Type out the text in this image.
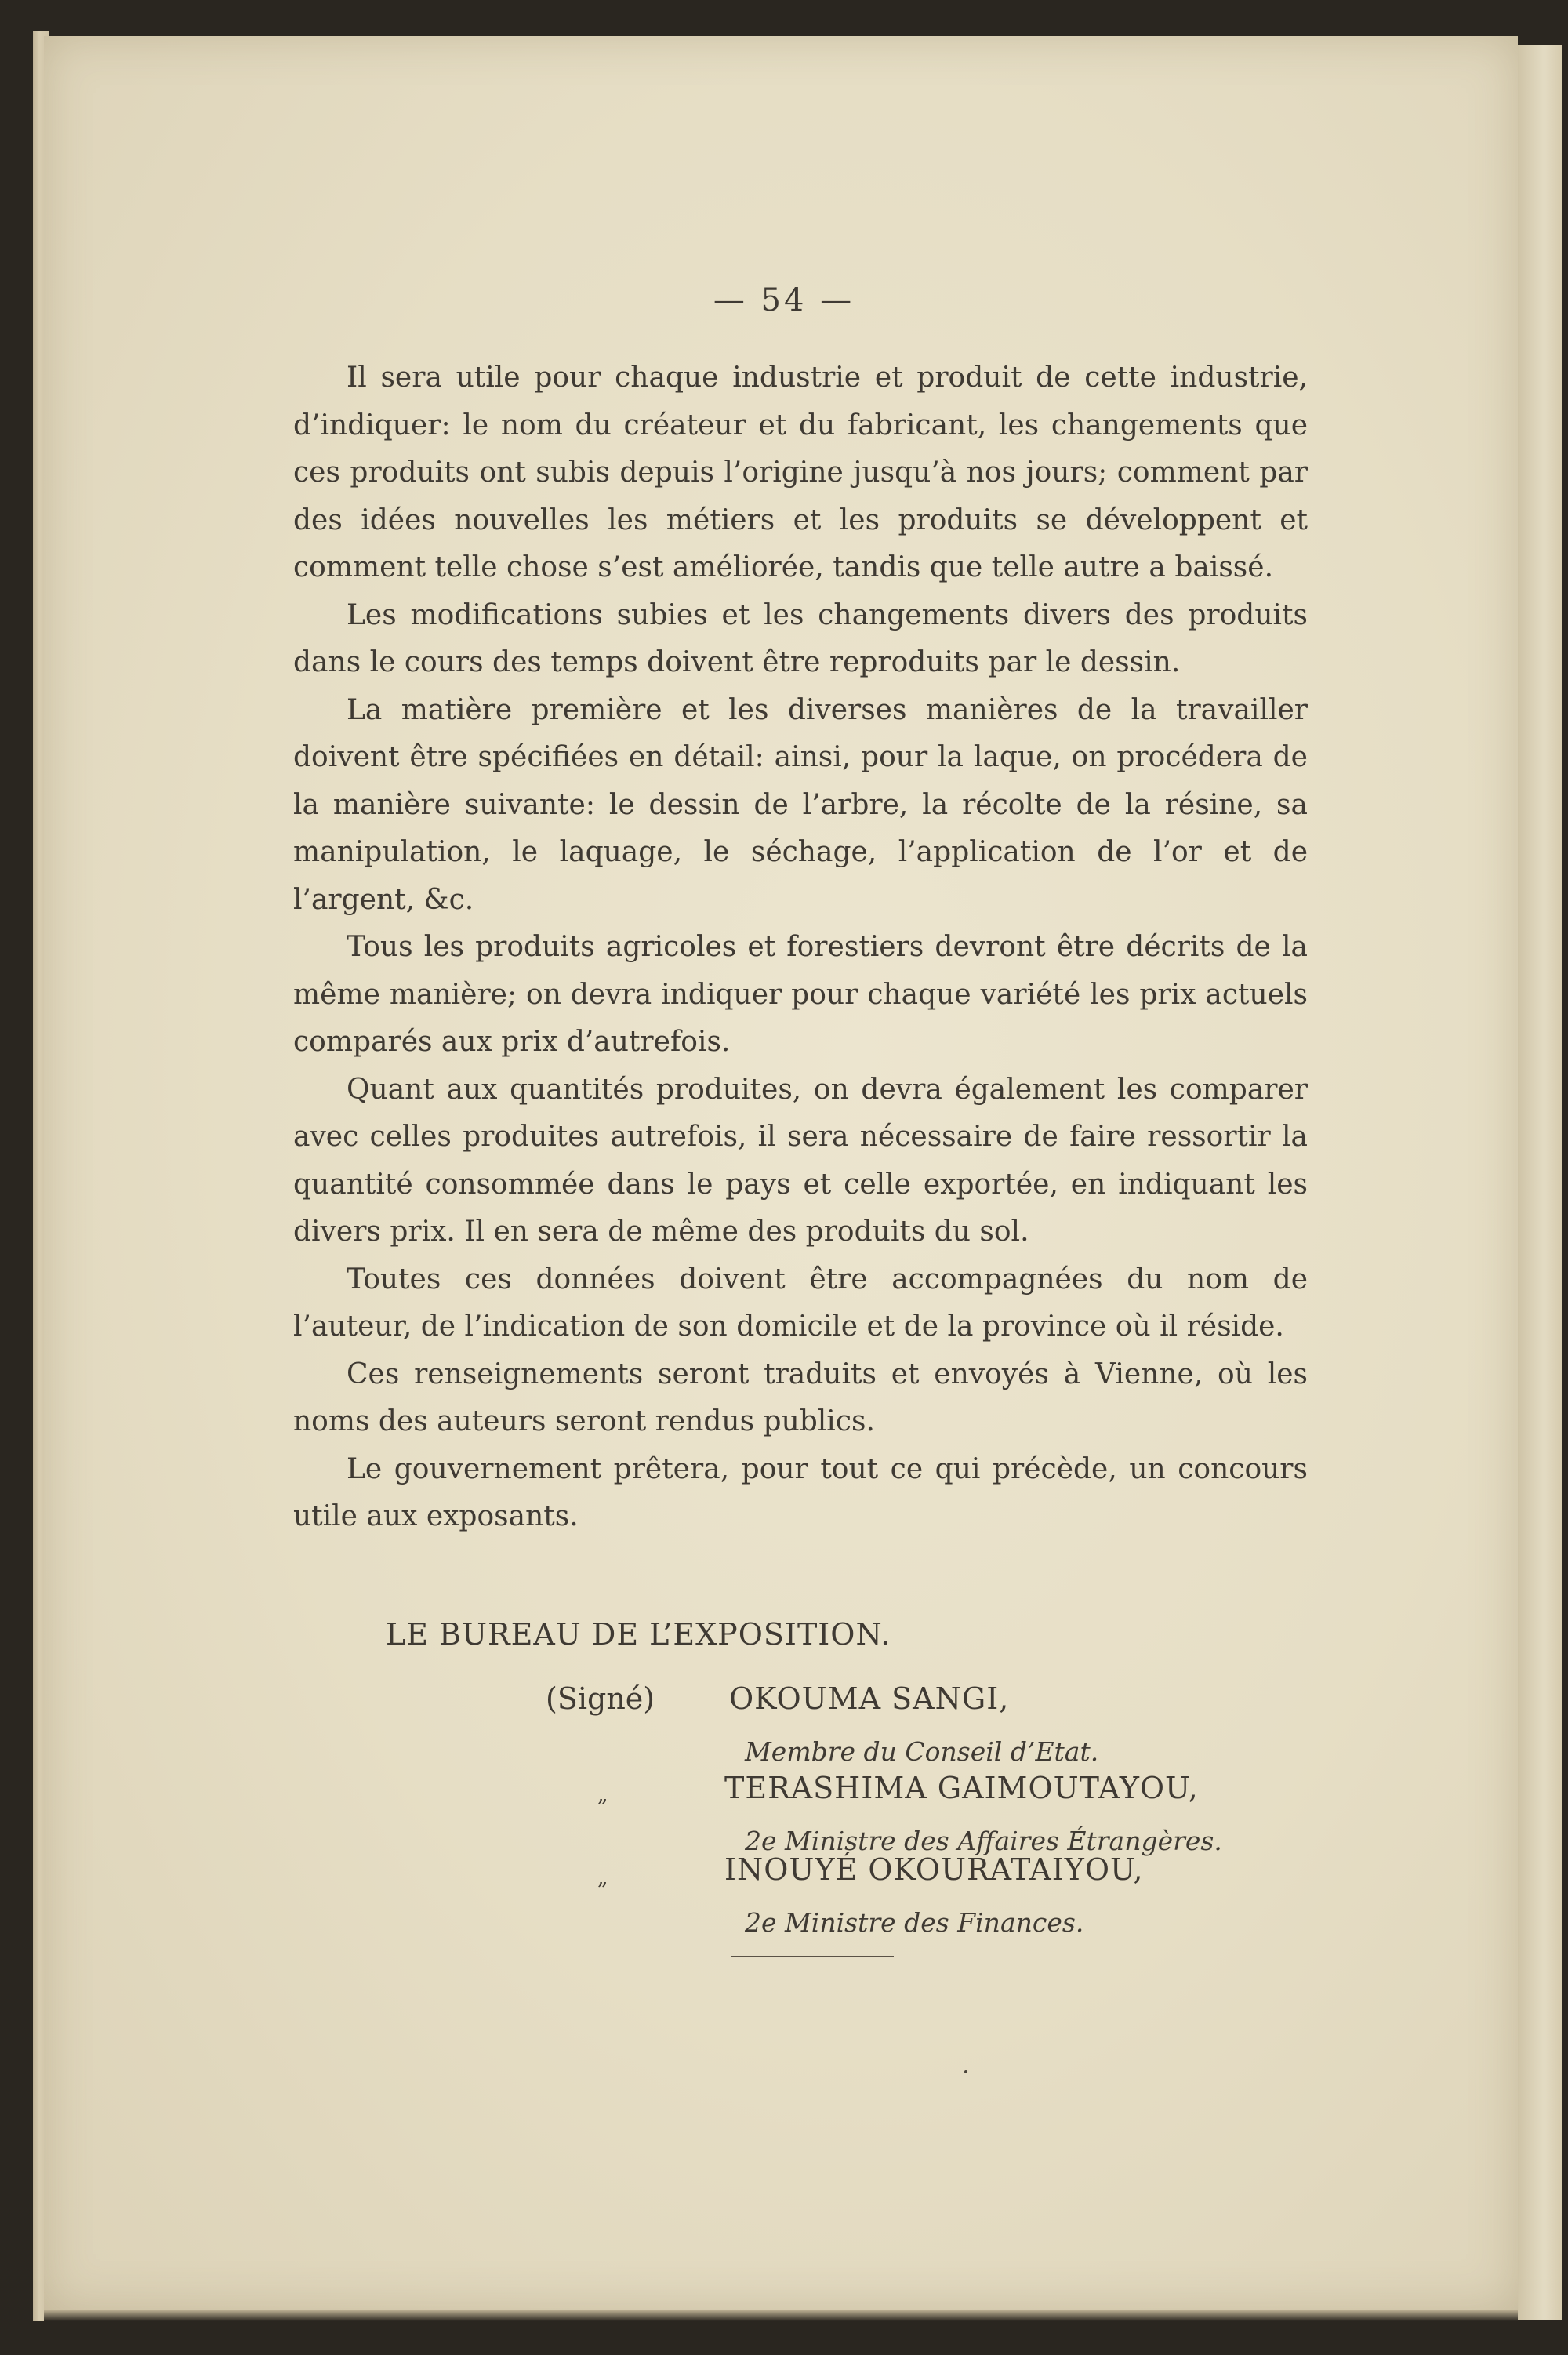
— 54 —

Il sera utile pour chaque industrie et produit de cette industrie, d’indiquer: le nom du créateur et du fabricant, les changements que ces produits ont subis depuis l’origine jusqu’à nos jours; comment par des idées nouvelles les métiers et les produits se développent et comment telle chose s’est améliorée, tandis que telle autre a baissé.

Les modifications subies et les changements divers des produits dans le cours des temps doivent être reproduits par le dessin.

La matière première et les diverses manières de la travailler doivent être spécifiées en détail: ainsi, pour la laque, on procédera de la manière suivante: le dessin de l’arbre, la récolte de la résine, sa manipulation, le laquage, le séchage, l’application de l’or et de l’argent, &c.

Tous les produits agricoles et forestiers devront être décrits de la même manière; on devra indiquer pour chaque variété les prix actuels comparés aux prix d’autrefois.

Quant aux quantités produites, on devra également les comparer avec celles produites autrefois, il sera nécessaire de faire ressortir la quantité consommée dans le pays et celle exportée, en indiquant les divers prix. Il en sera de même des produits du sol.

Toutes ces données doivent être accompagnées du nom de l’auteur, de l’indication de son domicile et de la province où il réside.

Ces renseignements seront traduits et envoyés à Vienne, où les noms des auteurs seront rendus publics.

Le gouvernement prêtera, pour tout ce qui précède, un concours utile aux exposants.

LE BUREAU DE L’EXPOSITION.
(Signé) OKOUMA SANGI,
Membre du Conseil d’Etat.
„	TERASHIMA GAIMOUTAYOU,
2e Ministre des Affaires Étrangères.
„	INOUYÉ OKOURATAIYOU,
2e Ministre des Finances.
